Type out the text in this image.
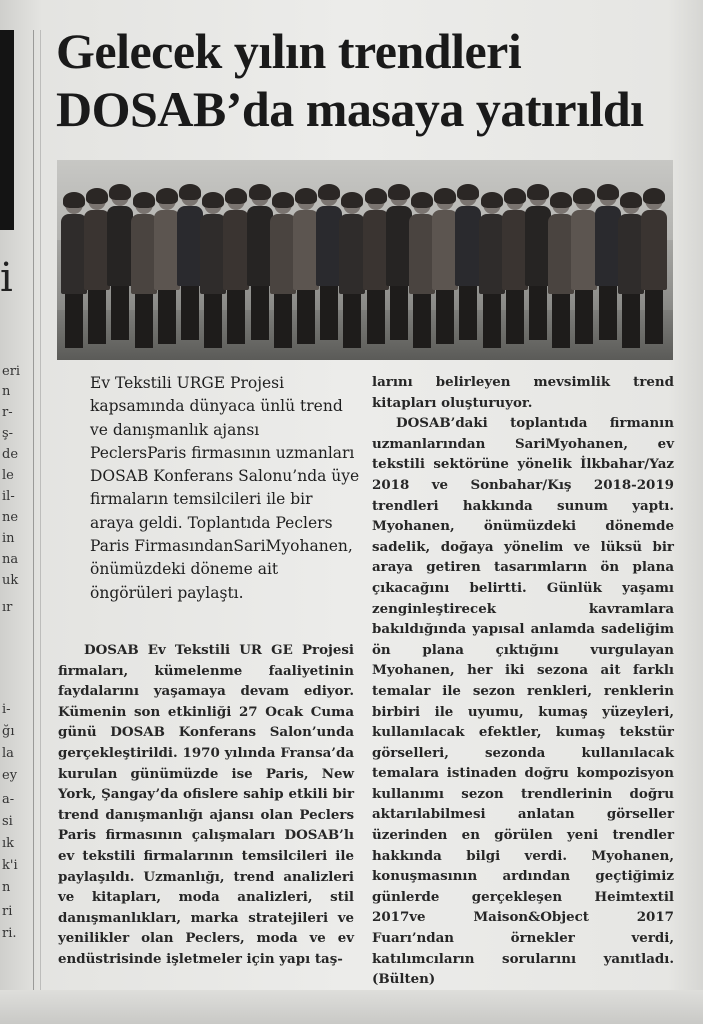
i
eri
n
r-
ş-
de
le
il-
ne
in
na
uk
ır
i-
ğı
la
ey
a-
si
ık
k'i
n
ri
ri.
Gelecek yılın trendleri
DOSAB’da masaya yatırıldı

Ev Tekstili URGE Projesi kapsamında dünyaca ünlü trend ve danışmanlık ajansı PeclersParis firmasının uzmanları DOSAB Konferans Salonu’nda üye firmaların temsilcileri ile bir araya geldi. Toplantıda Peclers Paris FirmasındanSariMyohanen, önümüzdeki döneme ait öngörüleri paylaştı.

DOSAB Ev Tekstili UR GE Projesi firmaları, kümelenme faaliyetinin faydalarını yaşamaya devam ediyor. Kümenin son etkinliği 27 Ocak Cuma günü DOSAB Konferans Salon’unda gerçekleştirildi. 1970 yılında Fransa’da kurulan günümüzde ise Paris, New York, Şangay’da ofislere sahip etkili bir trend danışmanlığı ajansı olan Peclers Paris firmasının çalışmaları DOSAB’lı ev tekstili firmalarının temsilcileri ile paylaşıldı. Uzmanlığı, trend analizleri ve kitapları, moda analizleri, stil danışmanlıkları, marka stratejileri ve yenilikler olan Peclers, moda ve ev endüstrisinde işletmeler için yapı taş-

larını belirleyen mevsimlik trend kitapları oluşturuyor.
DOSAB’daki toplantıda firmanın uzmanlarından SariMyohanen, ev tekstili sektörüne yönelik İlkbahar/Yaz 2018 ve Sonbahar/Kış 2018-2019 trendleri hakkında sunum yaptı. Myohanen, önümüzdeki dönemde sadelik, doğaya yönelim ve lüksü bir araya getiren tasarımların ön plana çıkacağını belirtti. Günlük yaşamı zenginleştirecek kavramlara bakıldığında yapısal anlamda sadeliğim ön plana çıktığını vurgulayan Myohanen, her iki sezona ait farklı temalar ile sezon renkleri, renklerin birbiri ile uyumu, kumaş yüzeyleri, kullanılacak efektler, kumaş tekstür görselleri, sezonda kullanılacak temalara istinaden doğru kompozisyon kullanımı sezon trendlerinin doğru aktarılabilmesi anlatan görseller üzerinden en görülen yeni trendler hakkında bilgi verdi. Myohanen, konuşmasının ardından geçtiğimiz günlerde gerçekleşen Heimtextil 2017ve Maison&Object 2017 Fuarı’ndan örnekler verdi, katılımcıların sorularını yanıtladı. (Bülten)
